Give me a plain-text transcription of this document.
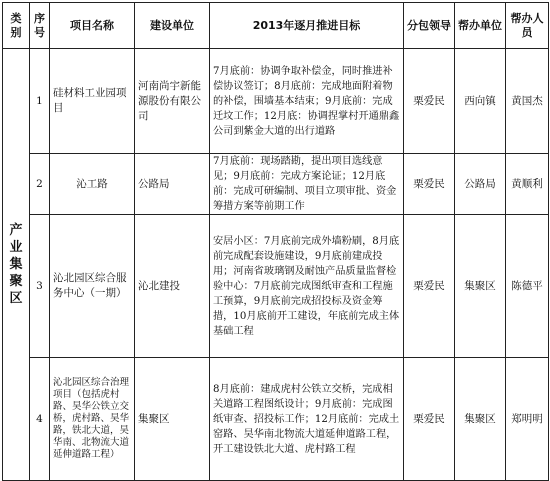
类别	序号	项目名称	建设单位	2013年逐月推进目标	分包领导	帮办单位	帮办人员
产业集聚区	1	硅材料工业园项目	河南尚宇新能源股份有限公司	7月底前：协调争取补偿金，同时推进补偿协议签订；8月底前：完成地面附着物的补偿，围墙基本结束；9月底前：完成迁坟工作；12月底：协调捏掌村开通鼎鑫公司到紫金大道的出行道路	栗爱民	西向镇	黄国杰
	2	沁工路	公路局	7月底前：现场踏勘，提出项目选线意见；9月底前：完成方案论证；12月底前：完成可研编制、项目立项审批、资金筹措方案等前期工作	栗爱民	公路局	黄顺利
	3	沁北园区综合服务中心（一期）	沁北建投	安居小区：7月底前完成外墙粉刷，8月底前完成配套设施建设，9月底前建成投用；河南省玻璃钢及耐蚀产品质量监督检验中心：7月底前完成图纸审查和工程施工预算，9月底前完成招投标及资金筹措，10月底前开工建设，年底前完成主体基础工程	栗爱民	集聚区	陈德平
	4	沁北园区综合治理项目（包括虎村路、昊华公铁立交桥，虎村路、昊华路，铁北大道，昊华南、北物流大道延伸道路工程）	集聚区	8月底前：建成虎村公铁立交桥，完成相关道路工程图纸设计；9月底前：完成图纸审查、招投标工作；12月底前：完成土窑路、昊华南北物流大道延伸道路工程，开工建设铁北大道、虎村路工程	栗爱民	集聚区	郑明明
